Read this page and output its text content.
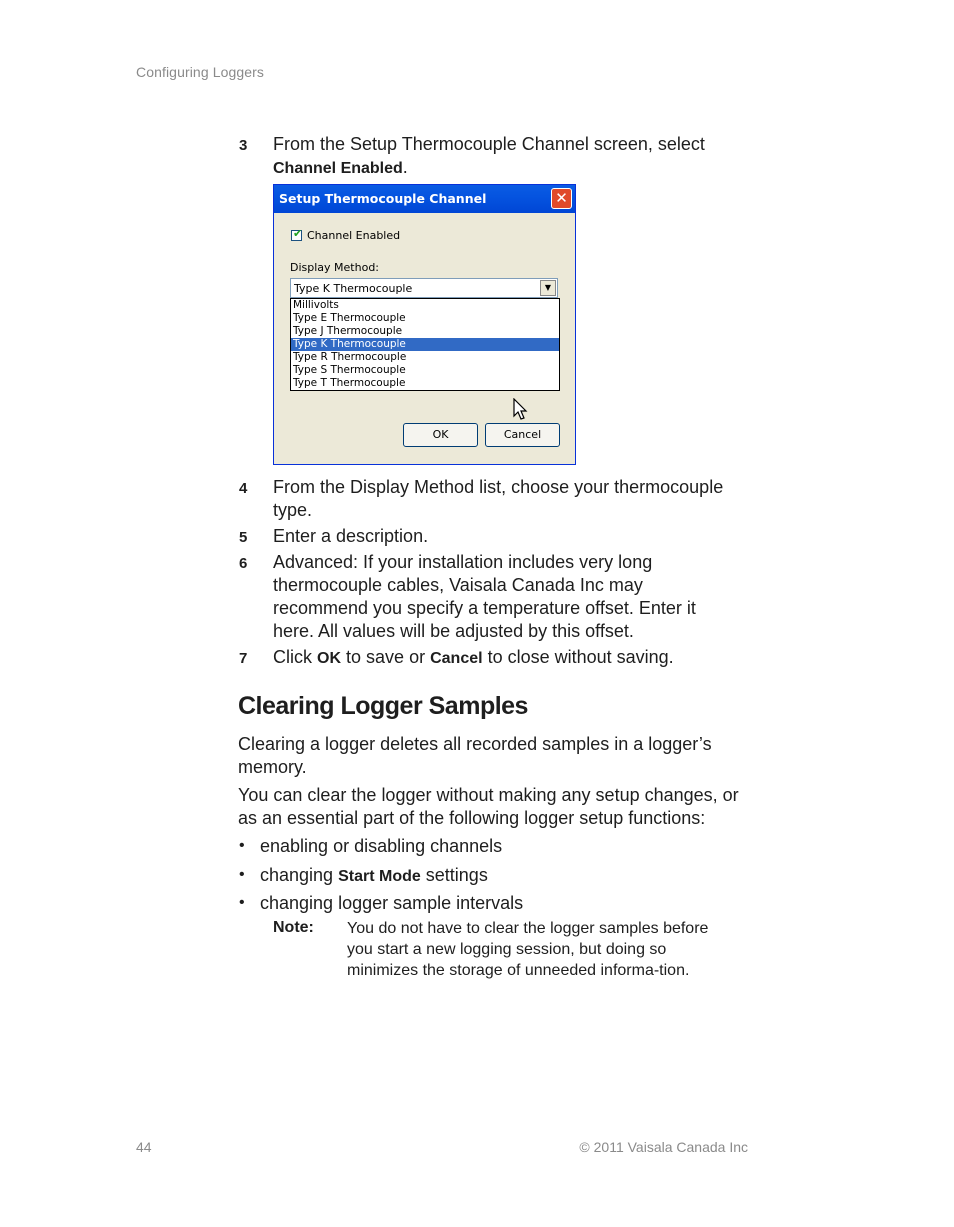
Configuring Loggers
3 From the Setup Thermocouple Channel screen, select
Channel Enabled.
Setup Thermocouple Channel	✕
✔ Channel Enabled
Display Method:
Type K Thermocouple	▼
Millivolts
Type E Thermocouple
Type J Thermocouple
Type K Thermocouple
Type R Thermocouple
Type S Thermocouple
Type T Thermocouple
OK	Cancel
4 From the Display Method list, choose your thermocouple type.
5 Enter a description.
6 Advanced: If your installation includes very long thermocouple cables, Vaisala Canada Inc may recommend you specify a temperature offset. Enter it here. All values will be adjusted by this offset.
7 Click OK to save or Cancel to close without saving.
Clearing Logger Samples
Clearing a logger deletes all recorded samples in a logger’s memory.
You can clear the logger without making any setup changes, or as an essential part of the following logger setup functions:
• enabling or disabling channels
• changing Start Mode settings
• changing logger sample intervals
Note: You do not have to clear the logger samples before you start a new logging session, but doing so minimizes the storage of unneeded informa-tion.
44	© 2011 Vaisala Canada Inc
